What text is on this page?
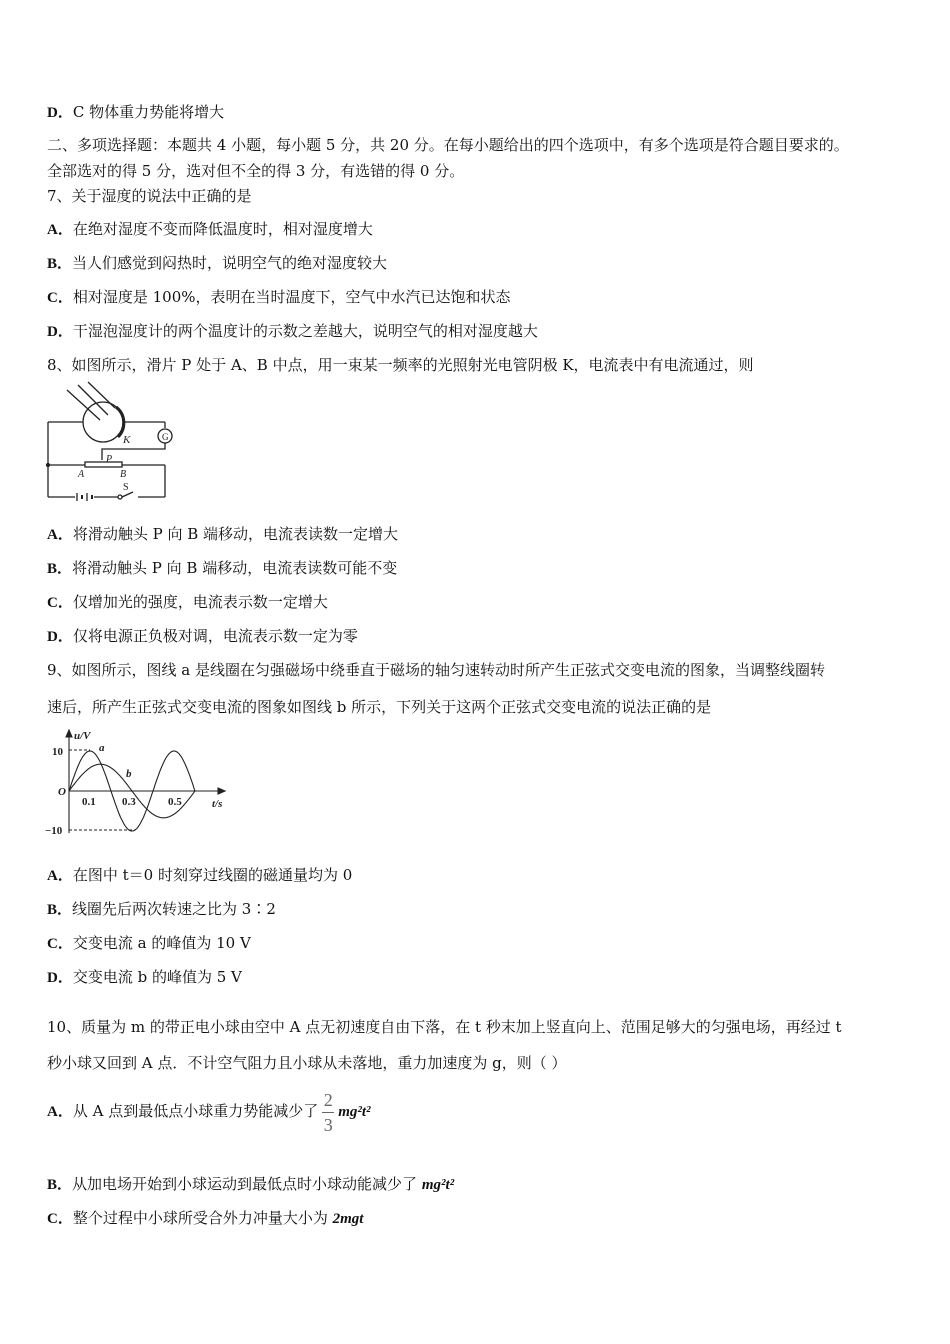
D．C 物体重力势能将增大
二、多项选择题：本题共 4 小题，每小题 5 分，共 20 分。在每小题给出的四个选项中，有多个选项是符合题目要求的。
全部选对的得 5 分，选对但不全的得 3 分，有选错的得 0 分。
7、关于湿度的说法中正确的是
A．在绝对湿度不变而降低温度时，相对湿度增大
B．当人们感觉到闷热时，说明空气的绝对湿度较大
C．相对湿度是 100%，表明在当时温度下，空气中水汽已达饱和状态
D．干湿泡湿度计的两个温度计的示数之差越大，说明空气的相对湿度越大
8、如图所示，滑片 P 处于 A、B 中点，用一束某一频率的光照射光电管阴极 K，电流表中有电流通过，则
G
K
P
A	B
S
A．将滑动触头 P 向 B 端移动，电流表读数一定增大
B．将滑动触头 P 向 B 端移动，电流表读数可能不变
C．仅增加光的强度，电流表示数一定增大
D．仅将电源正负极对调，电流表示数一定为零
9、如图所示，图线 a 是线圈在匀强磁场中绕垂直于磁场的轴匀速转动时所产生正弦式交变电流的图象，当调整线圈转
速后，所产生正弦式交变电流的图象如图线 b 所示，下列关于这两个正弦式交变电流的说法正确的是
u/V
t/s
O
10
−10
0.1 0.3	0.5
a
b
A．在图中 t＝0 时刻穿过线圈的磁通量均为 0
B．线圈先后两次转速之比为 3∶2
C．交变电流 a 的峰值为 10 V
D．交变电流 b 的峰值为 5 V
10、质量为 m 的带正电小球由空中 A 点无初速度自由下落，在 t 秒末加上竖直向上、范围足够大的匀强电场，再经过 t
秒小球又回到 A 点．不计空气阻力且小球从未落地，重力加速度为 g，则（ ）
A．从 A 点到最低点小球重力势能减少了 $\frac{2}{3} mg^2t^2$
B．从加电场开始到小球运动到最低点时小球动能减少了 mg²t²
C．整个过程中小球所受合外力冲量大小为 2mgt
